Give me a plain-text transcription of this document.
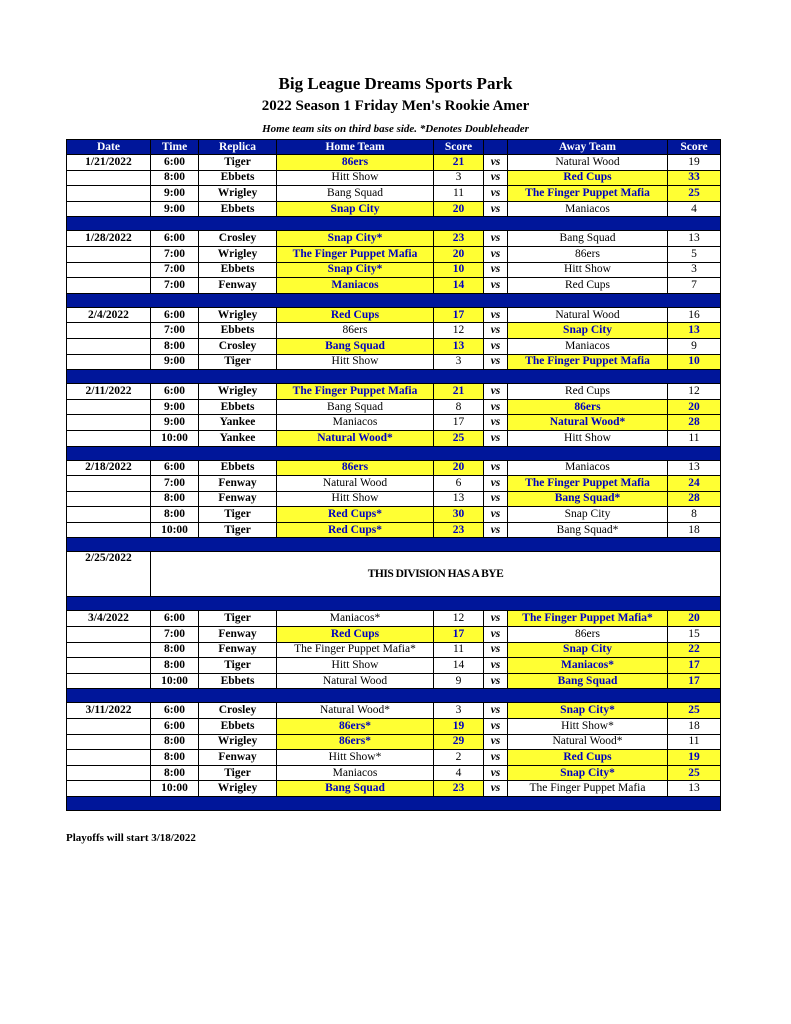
Big League Dreams Sports Park
2022 Season 1 Friday Men's Rookie Amer
Home team sits on third base side. *Denotes Doubleheader
Date	Time	Replica	Home Team	Score		Away Team	Score
1/21/2022	6:00	Tiger	86ers	21	vs	Natural Wood	19
	8:00	Ebbets	Hitt Show	3	vs	Red Cups	33
	9:00	Wrigley	Bang Squad	11	vs	The Finger Puppet Mafia	25
	9:00	Ebbets	Snap City	20	vs	Maniacos	4

1/28/2022	6:00	Crosley	Snap City*	23	vs	Bang Squad	13
	7:00	Wrigley	The Finger Puppet Mafia	20	vs	86ers	5
	7:00	Ebbets	Snap City*	10	vs	Hitt Show	3
	7:00	Fenway	Maniacos	14	vs	Red Cups	7

2/4/2022	6:00	Wrigley	Red Cups	17	vs	Natural Wood	16
	7:00	Ebbets	86ers	12	vs	Snap City	13
	8:00	Crosley	Bang Squad	13	vs	Maniacos	9
	9:00	Tiger	Hitt Show	3	vs	The Finger Puppet Mafia	10

2/11/2022	6:00	Wrigley	The Finger Puppet Mafia	21	vs	Red Cups	12
	9:00	Ebbets	Bang Squad	8	vs	86ers	20
	9:00	Yankee	Maniacos	17	vs	Natural Wood*	28
	10:00	Yankee	Natural Wood*	25	vs	Hitt Show	11

2/18/2022	6:00	Ebbets	86ers	20	vs	Maniacos	13
	7:00	Fenway	Natural Wood	6	vs	The Finger Puppet Mafia	24
	8:00	Fenway	Hitt Show	13	vs	Bang Squad*	28
	8:00	Tiger	Red Cups*	30	vs	Snap City	8
	10:00	Tiger	Red Cups*	23	vs	Bang Squad*	18

2/25/2022	THIS DIVISION HAS A BYE						

3/4/2022	6:00	Tiger	Maniacos*	12	vs	The Finger Puppet Mafia*	20
	7:00	Fenway	Red Cups	17	vs	86ers	15
	8:00	Fenway	The Finger Puppet Mafia*	11	vs	Snap City	22
	8:00	Tiger	Hitt Show	14	vs	Maniacos*	17
	10:00	Ebbets	Natural Wood	9	vs	Bang Squad	17

3/11/2022	6:00	Crosley	Natural Wood*	3	vs	Snap City*	25
	6:00	Ebbets	86ers*	19	vs	Hitt Show*	18
	8:00	Wrigley	86ers*	29	vs	Natural Wood*	11
	8:00	Fenway	Hitt Show*	2	vs	Red Cups	19
	8:00	Tiger	Maniacos	4	vs	Snap City*	25
	10:00	Wrigley	Bang Squad	23	vs	The Finger Puppet Mafia	13

Playoffs will start 3/18/2022
